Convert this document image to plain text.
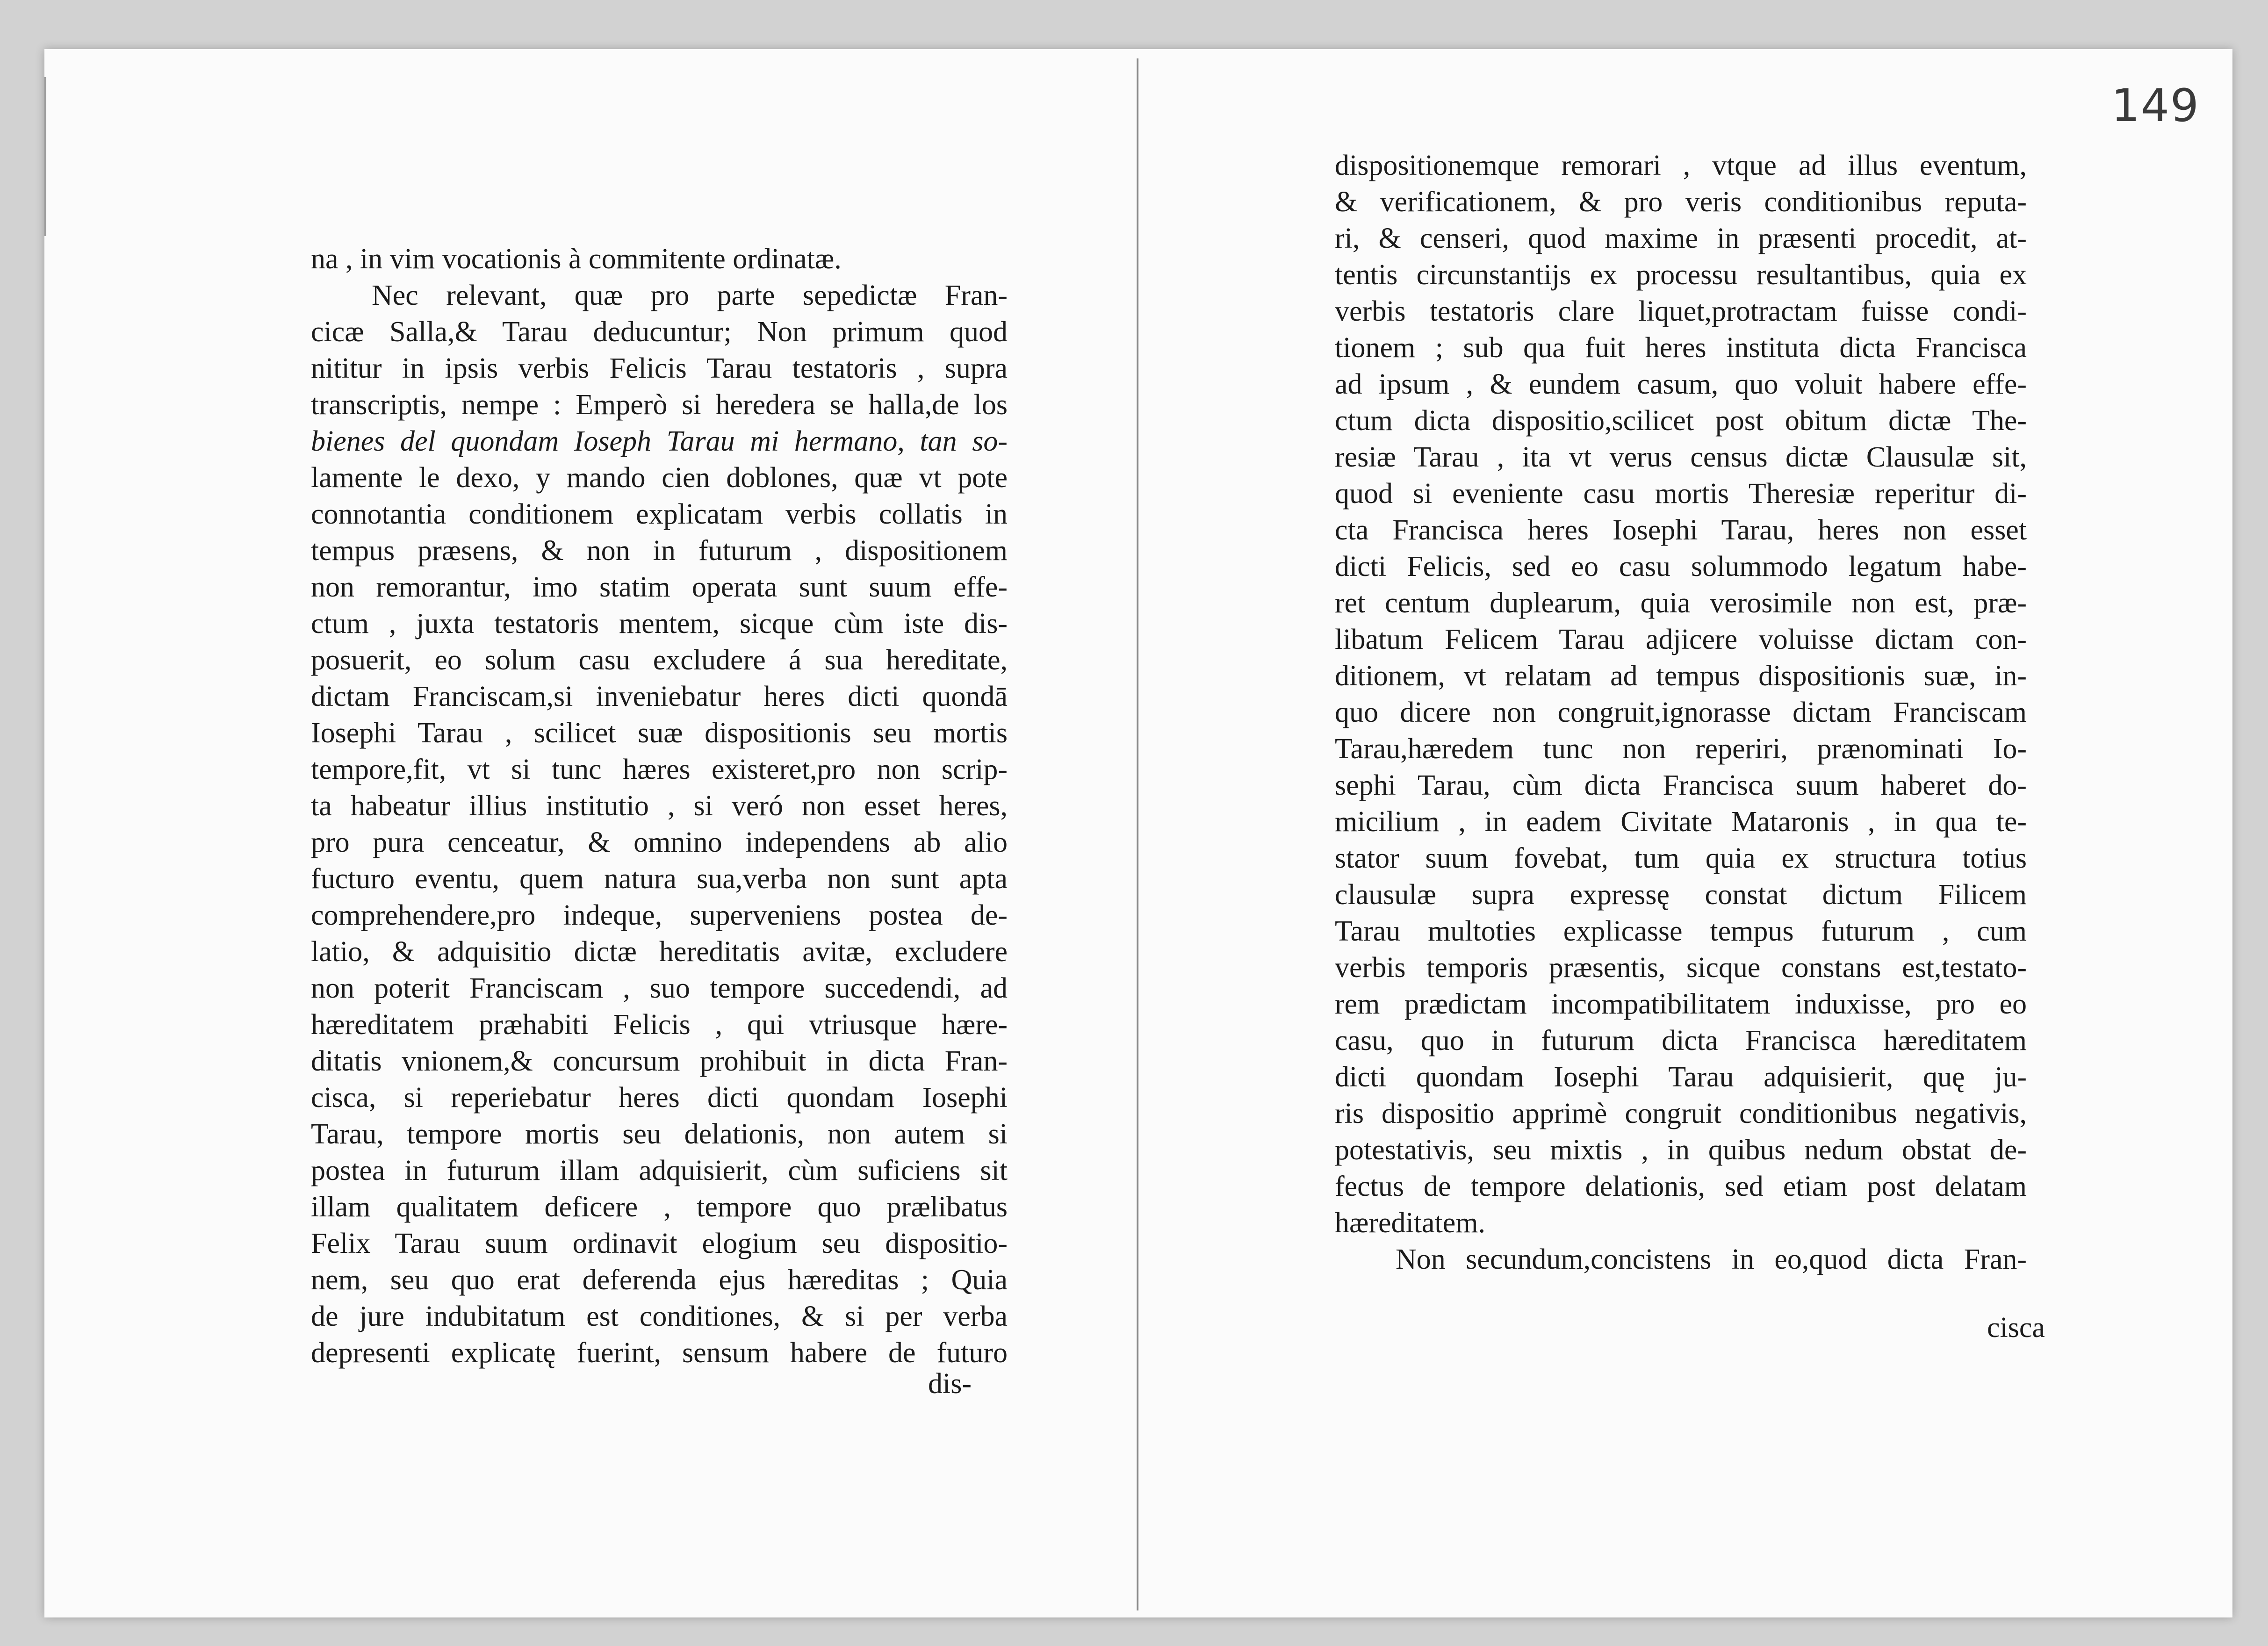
na , in vim vocationis à commitente ordinatæ.
Nec relevant, quæ pro parte sepedictæ Fran-
cicæ Salla,& Tarau deducuntur; Non primum quod
nititur in ipsis verbis Felicis Tarau testatoris , supra
transcriptis, nempe : Emperò si heredera se halla,de los
bienes del quondam Ioseph Tarau mi hermano, tan so-
lamente le dexo, y mando cien doblones, quæ vt pote
connotantia conditionem explicatam verbis collatis in
tempus præsens, & non in futurum , dispositionem
non remorantur, imo statim operata sunt suum effe-
ctum , juxta testatoris mentem, sicque cùm iste dis-
posuerit, eo solum casu excludere á sua hereditate,
dictam Franciscam,si inveniebatur heres dicti quondā
Iosephi Tarau , scilicet suæ dispositionis seu mortis
tempore,fit, vt si tunc hæres existeret,pro non scrip-
ta habeatur illius institutio , si veró non esset heres,
pro pura cenceatur, & omnino independens ab alio
fucturo eventu, quem natura sua,verba non sunt apta
comprehendere,pro indeque, superveniens postea de-
latio, & adquisitio dictæ hereditatis avitæ, excludere
non poterit Franciscam , suo tempore succedendi, ad
hæreditatem præhabiti Felicis , qui vtriusque hære-
ditatis vnionem,& concursum prohibuit in dicta Fran-
cisca, si reperiebatur heres dicti quondam Iosephi
Tarau, tempore mortis seu delationis, non autem si
postea in futurum illam adquisierit, cùm suficiens sit
illam qualitatem deficere , tempore quo prælibatus
Felix Tarau suum ordinavit elogium seu dispositio-
nem, seu quo erat deferenda ejus hæreditas ; Quia
de jure indubitatum est conditiones, & si per verba
depresenti explicatę fuerint, sensum habere de futuro
dis-
149
dispositionemque remorari , vtque ad illus eventum,
& verificationem, & pro veris conditionibus reputa-
ri, & censeri, quod maxime in præsenti procedit, at-
tentis circunstantijs ex processu resultantibus, quia ex
verbis testatoris clare liquet,protractam fuisse condi-
tionem ; sub qua fuit heres instituta dicta Francisca
ad ipsum , & eundem casum, quo voluit habere effe-
ctum dicta dispositio,scilicet post obitum dictæ The-
resiæ Tarau , ita vt verus census dictæ Clausulæ sit,
quod si eveniente casu mortis Theresiæ reperitur di-
cta Francisca heres Iosephi Tarau, heres non esset
dicti Felicis, sed eo casu solummodo legatum habe-
ret centum duplearum, quia verosimile non est, præ-
libatum Felicem Tarau adjicere voluisse dictam con-
ditionem, vt relatam ad tempus dispositionis suæ, in-
quo dicere non congruit,ignorasse dictam Franciscam
Tarau,hæredem tunc non reperiri, prænominati Io-
sephi Tarau, cùm dicta Francisca suum haberet do-
micilium , in eadem Civitate Mataronis , in qua te-
stator suum fovebat, tum quia ex structura totius
clausulæ supra expressę constat dictum Filicem
Tarau multoties explicasse tempus futurum , cum
verbis temporis præsentis, sicque constans est,testato-
rem prædictam incompatibilitatem induxisse, pro eo
casu, quo in futurum dicta Francisca hæreditatem
dicti quondam Iosephi Tarau adquisierit, quę ju-
ris dispositio apprimè congruit conditionibus negativis,
potestativis, seu mixtis , in quibus nedum obstat de-
fectus de tempore delationis, sed etiam post delatam
hæreditatem.
Non secundum,concistens in eo,quod dicta Fran-
cisca
